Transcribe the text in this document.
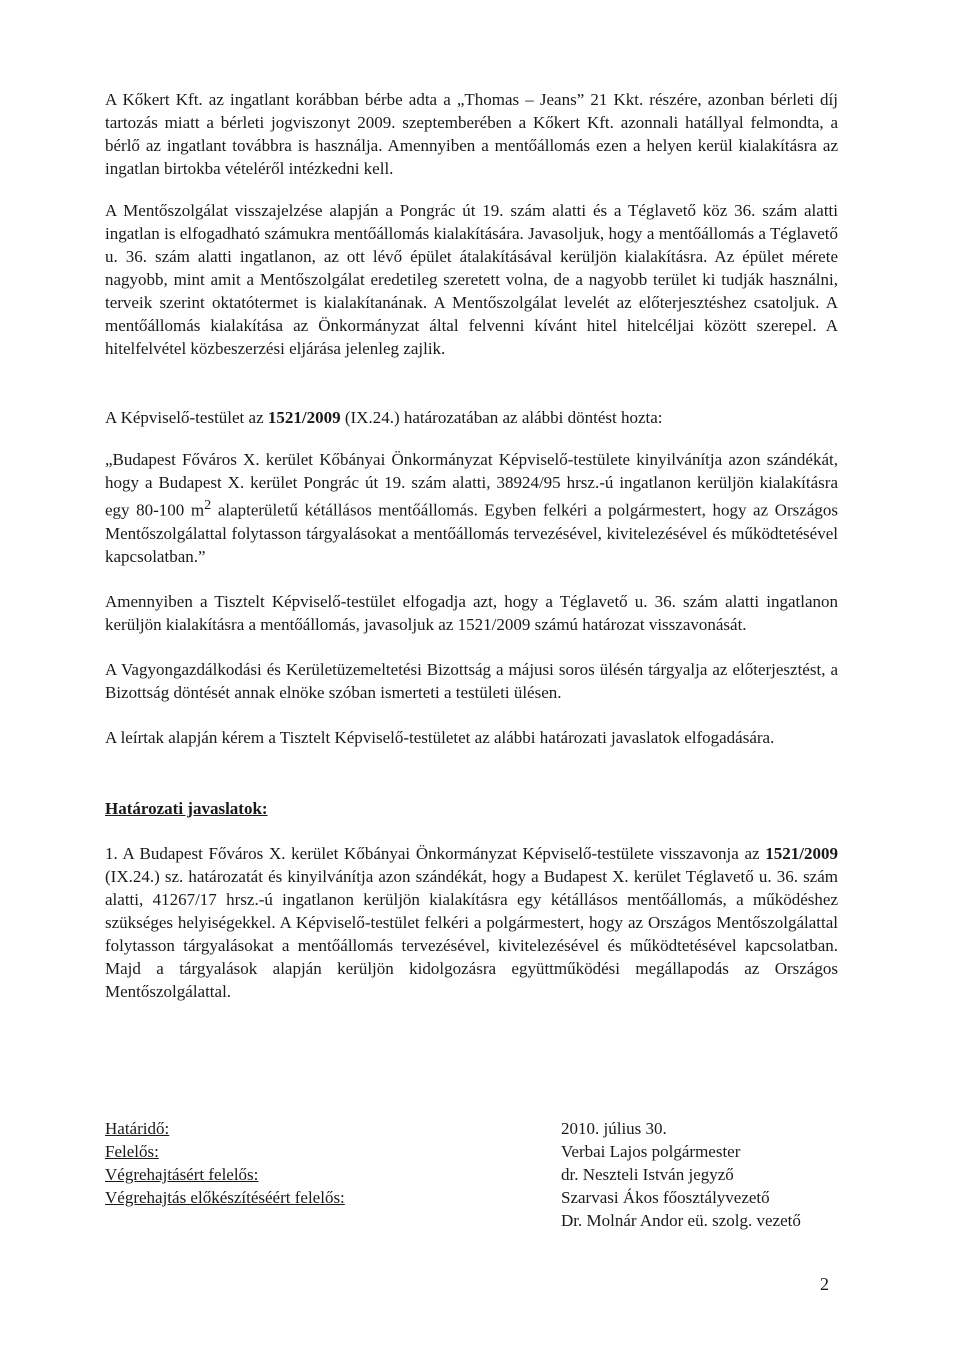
A Kőkert Kft. az ingatlant korábban bérbe adta a „Thomas – Jeans” 21 Kkt. részére, azonban bérleti díj tartozás miatt a bérleti jogviszonyt 2009. szeptemberében a Kőkert Kft. azonnali hatállyal felmondta, a bérlő az ingatlant továbbra is használja. Amennyiben a mentőállomás ezen a helyen kerül kialakításra az ingatlan birtokba vételéről intézkedni kell.

A Mentőszolgálat visszajelzése alapján a Pongrác út 19. szám alatti és a Téglavető köz 36. szám alatti ingatlan is elfogadható számukra mentőállomás kialakítására. Javasoljuk, hogy a mentőállomás a Téglavető u. 36. szám alatti ingatlanon, az ott lévő épület átalakításával kerüljön kialakításra. Az épület mérete nagyobb, mint amit a Mentőszolgálat eredetileg szeretett volna, de a nagyobb terület ki tudják használni, terveik szerint oktatótermet is kialakítanának. A Mentőszolgálat levelét az előterjesztéshez csatoljuk. A mentőállomás kialakítása az Önkormányzat által felvenni kívánt hitel hitelcéljai között szerepel. A hitelfelvétel közbeszerzési eljárása jelenleg zajlik.

A Képviselő-testület az 1521/2009 (IX.24.) határozatában az alábbi döntést hozta:

„Budapest Főváros X. kerület Kőbányai Önkormányzat Képviselő-testülete kinyilvánítja azon szándékát, hogy a Budapest X. kerület Pongrác út 19. szám alatti, 38924/95 hrsz.-ú ingatlanon kerüljön kialakításra egy 80-100 $m^2$ alapterületű kétállásos mentőállomás. Egyben felkéri a polgármestert, hogy az Országos Mentőszolgálattal folytasson tárgyalásokat a mentőállomás tervezésével, kivitelezésével és működtetésével kapcsolatban.”

Amennyiben a Tisztelt Képviselő-testület elfogadja azt, hogy a Téglavető u. 36. szám alatti ingatlanon kerüljön kialakításra a mentőállomás, javasoljuk az 1521/2009 számú határozat visszavonását.

A Vagyongazdálkodási és Kerületüzemeltetési Bizottság a májusi soros ülésén tárgyalja az előterjesztést, a Bizottság döntését annak elnöke szóban ismerteti a testületi ülésen.

A leírtak alapján kérem a Tisztelt Képviselő-testületet az alábbi határozati javaslatok elfogadására.

Határozati javaslatok:

1. A Budapest Főváros X. kerület Kőbányai Önkormányzat Képviselő-testülete visszavonja az 1521/2009 (IX.24.) sz. határozatát és kinyilvánítja azon szándékát, hogy a Budapest X. kerület Téglavető u. 36. szám alatti, 41267/17 hrsz.-ú ingatlanon kerüljön kialakításra egy kétállásos mentőállomás, a működéshez szükséges helyiségekkel. A Képviselő-testület felkéri a polgármestert, hogy az Országos Mentőszolgálattal folytasson tárgyalásokat a mentőállomás tervezésével, kivitelezésével és működtetésével kapcsolatban. Majd a tárgyalások alapján kerüljön kidolgozásra együttműködési megállapodás az Országos Mentőszolgálattal.

Határidő:	2010. július 30.
Felelős:	Verbai Lajos polgármester
Végrehajtásért felelős:	dr. Neszteli István jegyző
Végrehajtás előkészítéséért felelős:	Szarvasi Ákos főosztályvezető
Dr. Molnár Andor eü. szolg. vezető
2
